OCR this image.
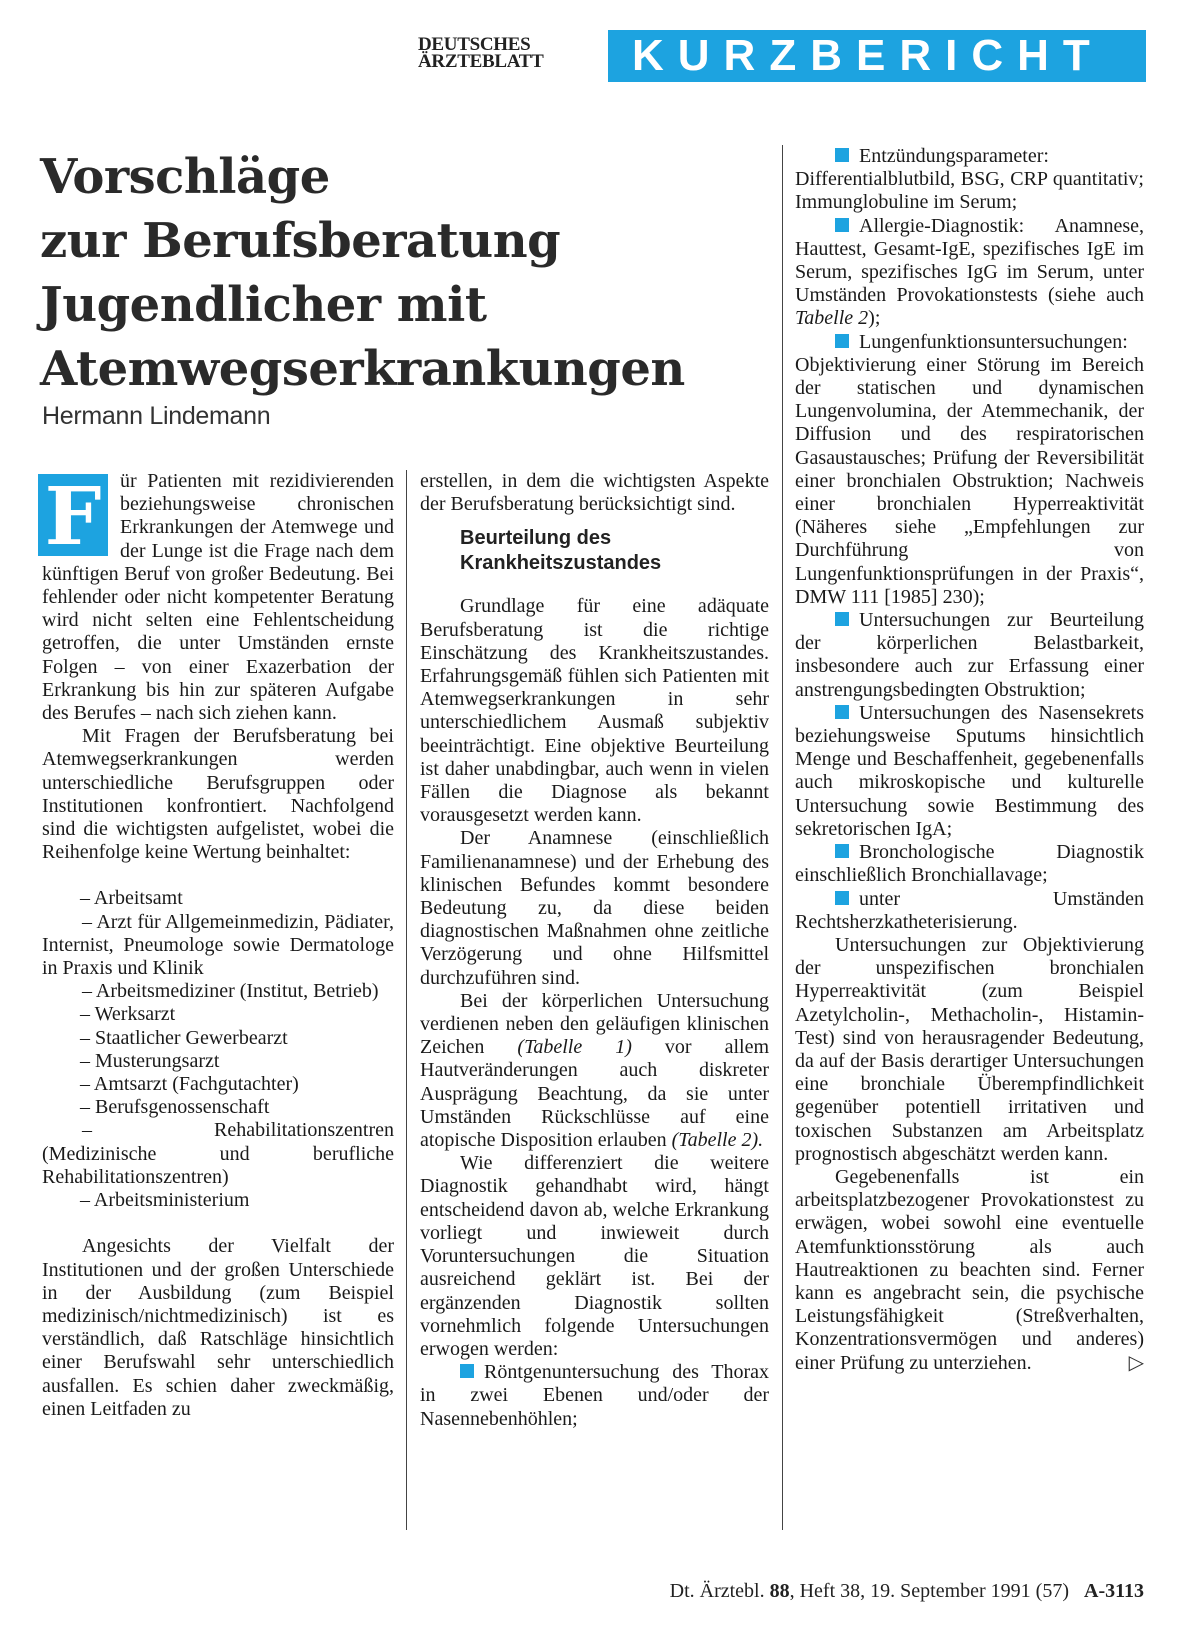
DEUTSCHES
ÄRZTEBLATT KURZBERICHT
Vorschläge
zur Berufsberatung
Jugendlicher mit
Atemwegserkrankungen
Hermann Lindemann

F ür Patienten mit rezidivierenden beziehungsweise chronischen Erkrankungen der Atemwege und der Lunge ist die Frage nach dem künftigen Beruf von großer Bedeutung. Bei fehlender oder nicht kompetenter Beratung wird nicht selten eine Fehlentscheidung getroffen, die unter Umständen ernste Folgen – von einer Exazerbation der Erkrankung bis hin zur späteren Aufgabe des Berufes – nach sich ziehen kann.

Mit Fragen der Berufsberatung bei Atemwegserkrankungen werden unterschiedliche Berufsgruppen oder Institutionen konfrontiert. Nachfolgend sind die wichtigsten aufgelistet, wobei die Reihenfolge keine Wertung beinhaltet:

– Arbeitsamt

– Arzt für Allgemeinmedizin, Pädiater, Internist, Pneumologe sowie Dermatologe in Praxis und Klinik

– Arbeitsmediziner (Institut, Betrieb)

– Werksarzt

– Staatlicher Gewerbearzt

– Musterungsarzt

– Amtsarzt (Fachgutachter)

– Berufsgenossenschaft

– Rehabilitationszentren (Medizinische und berufliche Rehabilitationszentren)

– Arbeitsministerium

Angesichts der Vielfalt der Institutionen und der großen Unterschiede in der Ausbildung (zum Beispiel medizinisch/nichtmedizinisch) ist es verständlich, daß Ratschläge hinsichtlich einer Berufswahl sehr unterschiedlich ausfallen. Es schien daher zweckmäßig, einen Leitfaden zu

erstellen, in dem die wichtigsten Aspekte der Berufsberatung berücksichtigt sind.

Beurteilung des
Krankheitszustandes

Grundlage für eine adäquate Berufsberatung ist die richtige Einschätzung des Krankheitszustandes. Erfahrungsgemäß fühlen sich Patienten mit Atemwegserkrankungen in sehr unterschiedlichem Ausmaß subjektiv beeinträchtigt. Eine objektive Beurteilung ist daher unabdingbar, auch wenn in vielen Fällen die Diagnose als bekannt vorausgesetzt werden kann.

Der Anamnese (einschließlich Familienanamnese) und der Erhebung des klinischen Befundes kommt besondere Bedeutung zu, da diese beiden diagnostischen Maßnahmen ohne zeitliche Verzögerung und ohne Hilfsmittel durchzuführen sind.

Bei der körperlichen Untersuchung verdienen neben den geläufigen klinischen Zeichen (Tabelle 1) vor allem Hautveränderungen auch diskreter Ausprägung Beachtung, da sie unter Umständen Rückschlüsse auf eine atopische Disposition erlauben (Tabelle 2).

Wie differenziert die weitere Diagnostik gehandhabt wird, hängt entscheidend davon ab, welche Erkrankung vorliegt und inwieweit durch Voruntersuchungen die Situation ausreichend geklärt ist. Bei der ergänzenden Diagnostik sollten vornehmlich folgende Untersuchungen erwogen werden:

Röntgenuntersuchung des Thorax in zwei Ebenen und/oder der Nasennebenhöhlen;

Entzündungsparameter: Differentialblutbild, BSG, CRP quantitativ; Immunglobuline im Serum;

Allergie-Diagnostik: Anamnese, Hauttest, Gesamt-IgE, spezifisches IgE im Serum, spezifisches IgG im Serum, unter Umständen Provokationstests (siehe auch Tabelle 2);

Lungenfunktionsuntersuchungen: Objektivierung einer Störung im Bereich der statischen und dynamischen Lungenvolumina, der Atemmechanik, der Diffusion und des respiratorischen Gasaustausches; Prüfung der Reversibilität einer bronchialen Obstruktion; Nachweis einer bronchialen Hyperreaktivität (Näheres siehe „Empfehlungen zur Durchführung von Lungenfunktionsprüfungen in der Praxis“, DMW 111 [1985] 230);

Untersuchungen zur Beurteilung der körperlichen Belastbarkeit, insbesondere auch zur Erfassung einer anstrengungsbedingten Obstruktion;

Untersuchungen des Nasensekrets beziehungsweise Sputums hinsichtlich Menge und Beschaffenheit, gegebenenfalls auch mikroskopische und kulturelle Untersuchung sowie Bestimmung des sekretorischen IgA;

Bronchologische Diagnostik einschließlich Bronchiallavage;

unter Umständen Rechtsherzkatheterisierung.

Untersuchungen zur Objektivierung der unspezifischen bronchialen Hyperreaktivität (zum Beispiel Azetylcholin-, Methacholin-, Histamin-Test) sind von herausragender Bedeutung, da auf der Basis derartiger Untersuchungen eine bronchiale Überempfindlichkeit gegenüber potentiell irritativen und toxischen Substanzen am Arbeitsplatz prognostisch abgeschätzt werden kann.

Gegebenenfalls ist ein arbeitsplatzbezogener Provokationstest zu erwägen, wobei sowohl eine eventuelle Atemfunktionsstörung als auch Hautreaktionen zu beachten sind. Ferner kann es angebracht sein, die psychische Leistungsfähigkeit (Streßverhalten, Konzentrationsvermögen und anderes) einer Prüfung zu unterziehen.	▷

Dt. Ärztebl. 88, Heft 38, 19. September 1991 (57) A-3113
